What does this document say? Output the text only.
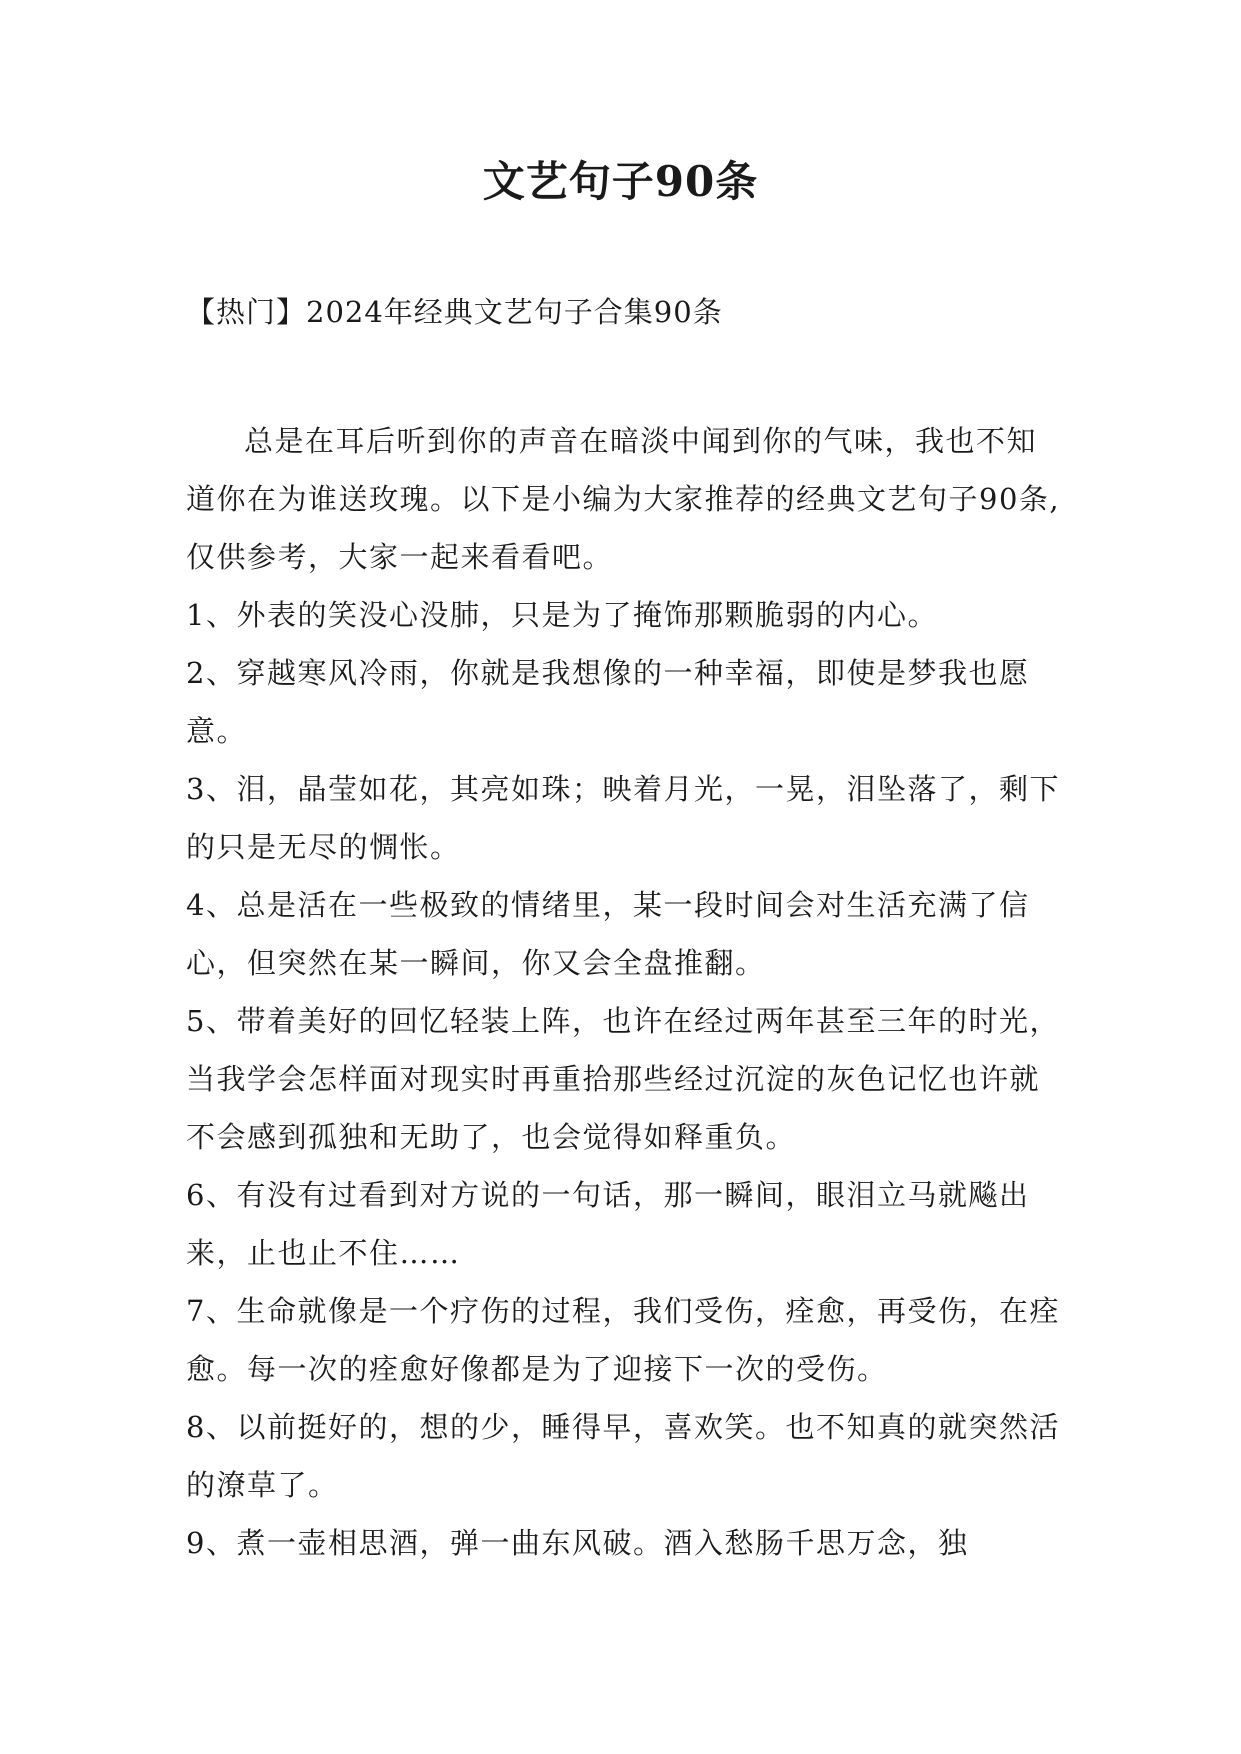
文艺句子90条
【热门】2024年经典文艺句子合集90条

总是在耳后听到你的声音在暗淡中闻到你的气味，我也不知道你在为谁送玫瑰。以下是小编为大家推荐的经典文艺句子90条,仅供参考，大家一起来看看吧。

1、外表的笑没心没肺，只是为了掩饰那颗脆弱的内心。

2、穿越寒风冷雨，你就是我想像的一种幸福，即使是梦我也愿意。

3、泪，晶莹如花，其亮如珠；映着月光，一晃，泪坠落了，剩下的只是无尽的惆怅。

4、总是活在一些极致的情绪里，某一段时间会对生活充满了信心，但突然在某一瞬间，你又会全盘推翻。

5、带着美好的回忆轻装上阵，也许在经过两年甚至三年的时光，当我学会怎样面对现实时再重拾那些经过沉淀的灰色记忆也许就不会感到孤独和无助了，也会觉得如释重负。

6、有没有过看到对方说的一句话，那一瞬间，眼泪立马就飚出来，止也止不住……

7、生命就像是一个疗伤的过程，我们受伤，痊愈，再受伤，在痊愈。每一次的痊愈好像都是为了迎接下一次的受伤。

8、以前挺好的，想的少，睡得早，喜欢笑。也不知真的就突然活的潦草了。

9、煮一壶相思酒，弹一曲东风破。酒入愁肠千思万念，独
